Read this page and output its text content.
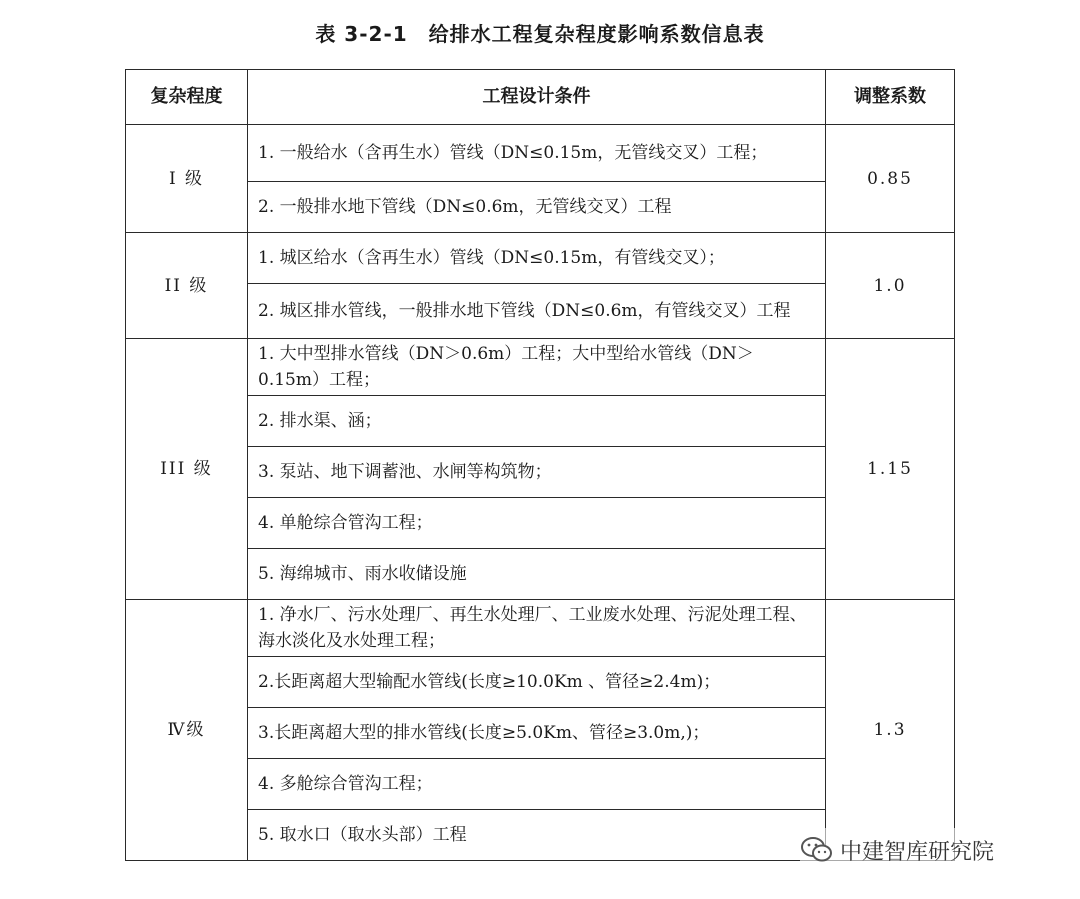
表 3-2-1　给排水工程复杂程度影响系数信息表
复杂程度	工程设计条件	调整系数
I 级	1. 一般给水（含再生水）管线（DN≤0.15m，无管线交叉）工程；	0.85
	2. 一般排水地下管线（DN≤0.6m，无管线交叉）工程	
II 级	1. 城区给水（含再生水）管线（DN≤0.15m，有管线交叉）；	1.0
	2. 城区排水管线，一般排水地下管线（DN≤0.6m，有管线交叉）工程	
III 级	1. 大中型排水管线（DN＞0.6m）工程；大中型给水管线（DN＞0.15m）工程；	1.15
	2. 排水渠、涵；	
	3. 泵站、地下调蓄池、水闸等构筑物；	
	4. 单舱综合管沟工程；	
	5. 海绵城市、雨水收储设施	
Ⅳ级	1. 净水厂、污水处理厂、再生水处理厂、工业废水处理、污泥处理工程、海水淡化及水处理工程；	1.3
	2.长距离超大型输配水管线(长度≥10.0Km 、管径≥2.4m)；	
	3.长距离超大型的排水管线(长度≥5.0Km、管径≥3.0m,)；	
	4. 多舱综合管沟工程；	
	5. 取水口（取水头部）工程	
中建智库研究院
